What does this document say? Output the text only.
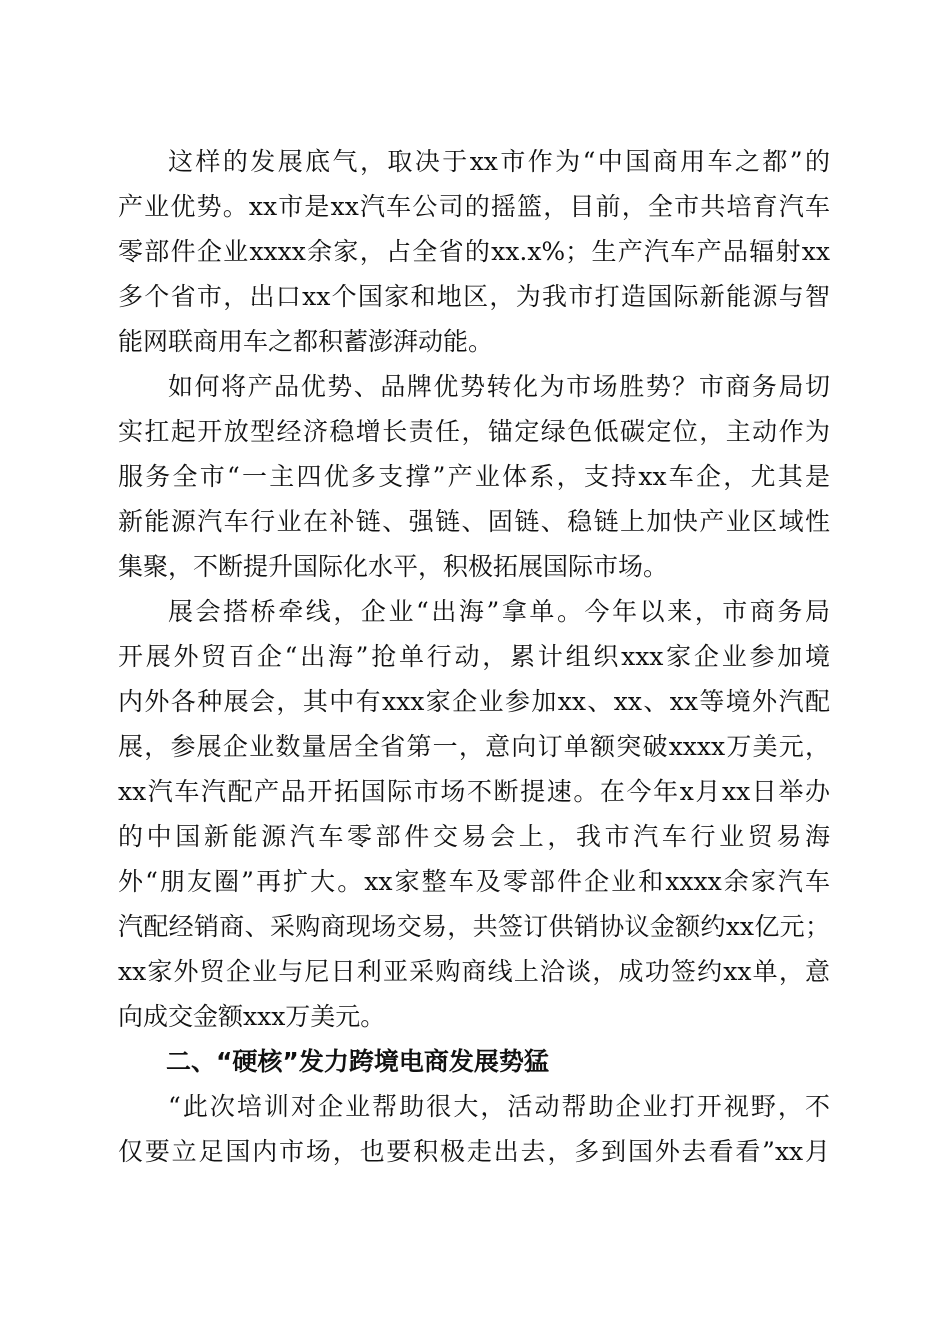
这样的发展底气，取决于xx市作为“中国商用车之都”的
产业优势。xx市是xx汽车公司的摇篮，目前，全市共培育汽车
零部件企业xxxx余家，占全省的xx.x%；生产汽车产品辐射xx
多个省市，出口xx个国家和地区，为我市打造国际新能源与智
能网联商用车之都积蓄澎湃动能。
如何将产品优势、品牌优势转化为市场胜势？市商务局切
实扛起开放型经济稳增长责任，锚定绿色低碳定位，主动作为
服务全市“一主四优多支撑”产业体系，支持xx车企，尤其是
新能源汽车行业在补链、强链、固链、稳链上加快产业区域性
集聚，不断提升国际化水平，积极拓展国际市场。
展会搭桥牵线，企业“出海”拿单。今年以来，市商务局
开展外贸百企“出海”抢单行动，累计组织xxx家企业参加境
内外各种展会，其中有xxx家企业参加xx、xx、xx等境外汽配
展，参展企业数量居全省第一，意向订单额突破xxxx万美元，
xx汽车汽配产品开拓国际市场不断提速。在今年x月xx日举办
的中国新能源汽车零部件交易会上，我市汽车行业贸易海
外“朋友圈”再扩大。xx家整车及零部件企业和xxxx余家汽车
汽配经销商、采购商现场交易，共签订供销协议金额约xx亿元；
xx家外贸企业与尼日利亚采购商线上洽谈，成功签约xx单，意
向成交金额xxx万美元。
二、“硬核”发力跨境电商发展势猛
“此次培训对企业帮助很大，活动帮助企业打开视野，不
仅要立足国内市场，也要积极走出去，多到国外去看看”xx月
